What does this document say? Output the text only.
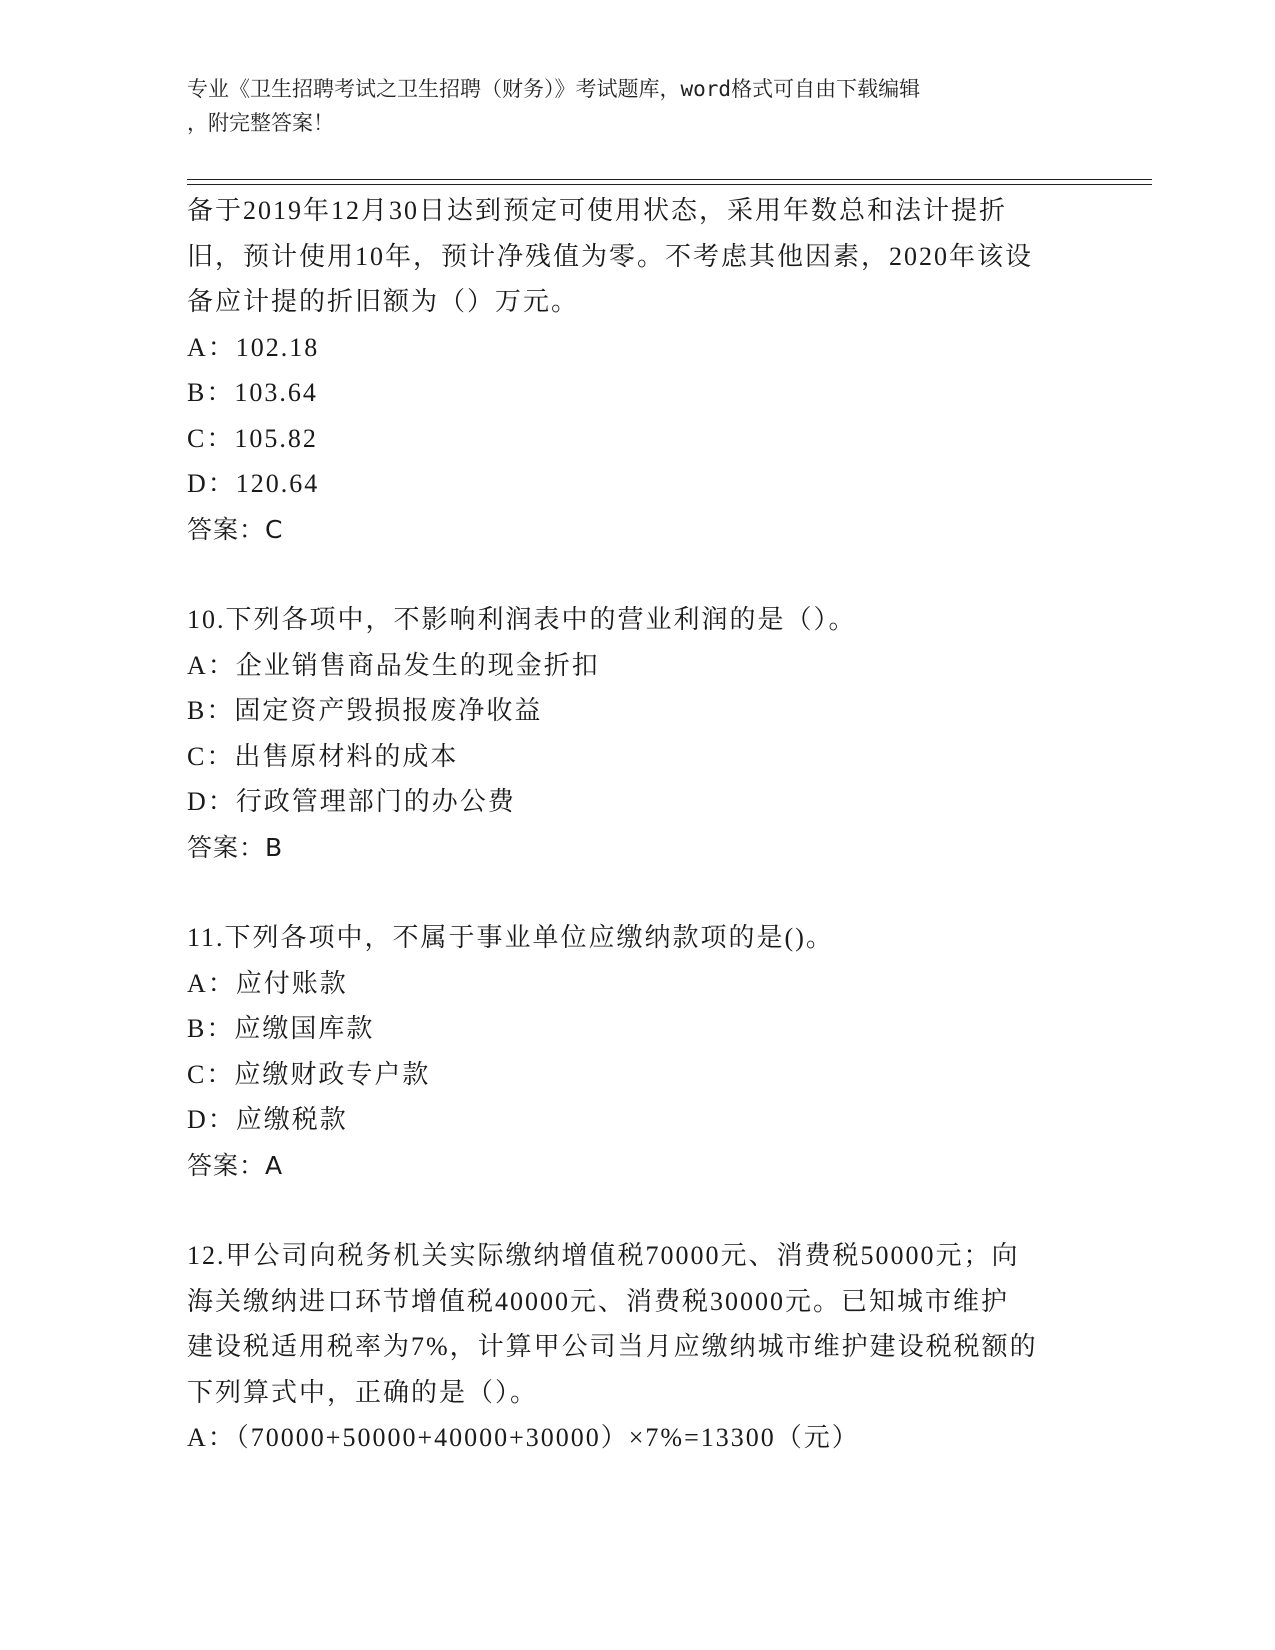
专业《卫生招聘考试之卫生招聘（财务）》考试题库，word格式可自由下载编辑
，附完整答案！
备于2019年12月30日达到预定可使用状态，采用年数总和法计提折
旧，预计使用10年，预计净残值为零。不考虑其他因素，2020年该设
备应计提的折旧额为（）万元。
A：102.18
B：103.64
C：105.82
D：120.64
答案：C
10.下列各项中，不影响利润表中的营业利润的是（）。
A：企业销售商品发生的现金折扣
B：固定资产毁损报废净收益
C：出售原材料的成本
D：行政管理部门的办公费
答案：B
11.下列各项中，不属于事业单位应缴纳款项的是()。
A：应付账款
B：应缴国库款
C：应缴财政专户款
D：应缴税款
答案：A
12.甲公司向税务机关实际缴纳增值税70000元、消费税50000元；向
海关缴纳进口环节增值税40000元、消费税30000元。已知城市维护
建设税适用税率为7%，计算甲公司当月应缴纳城市维护建设税税额的
下列算式中，正确的是（）。
A：（70000+50000+40000+30000）×7%=13300（元）
